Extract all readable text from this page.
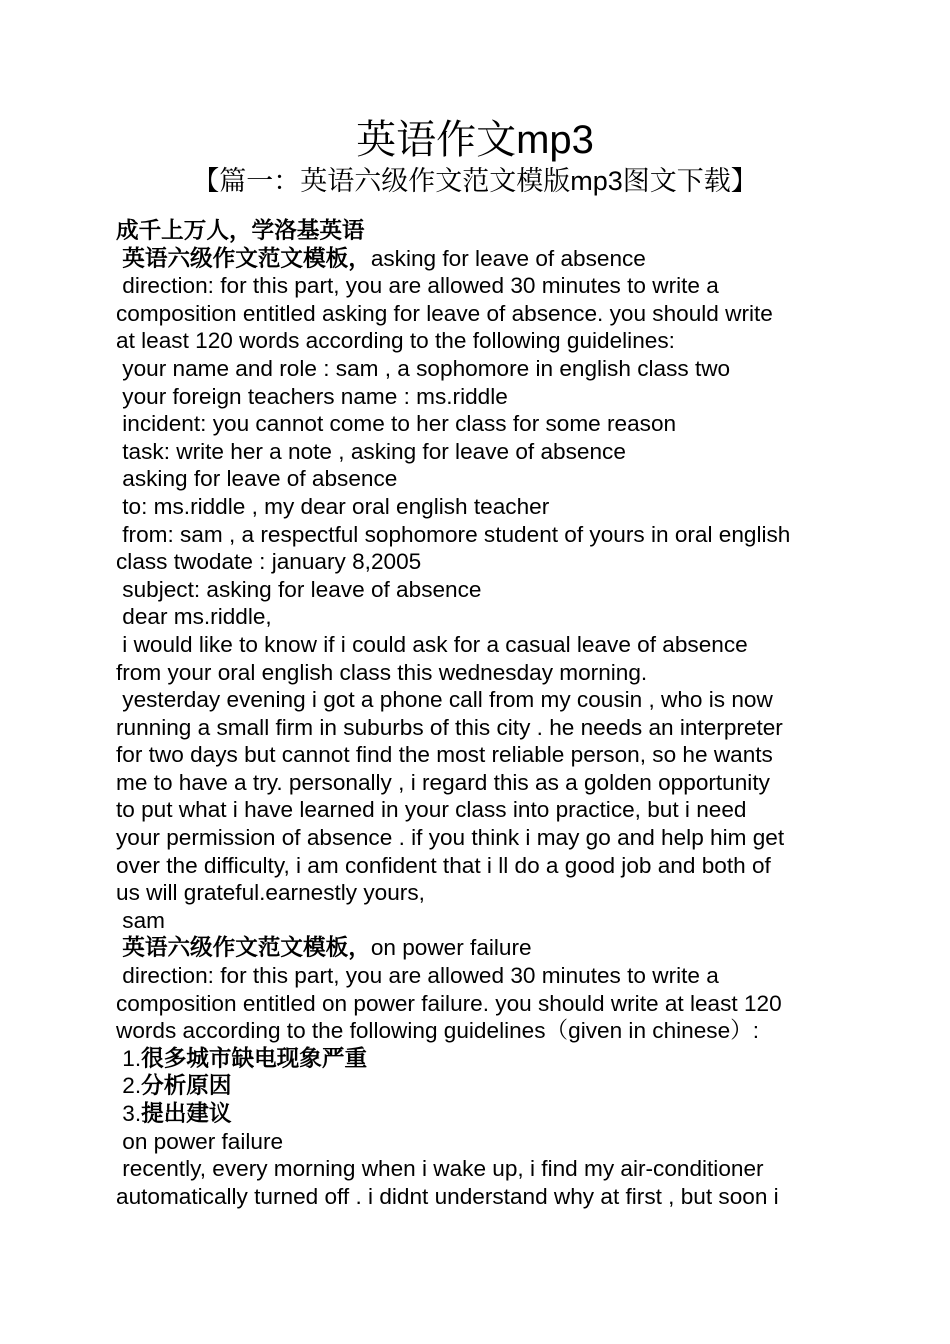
英语作文mp3
【篇一：英语六级作文范文模版mp3图文下载】
成千上万人，学洛基英语
英语六级作文范文模板，asking for leave of absence
direction: for this part, you are allowed 30 minutes to write a
composition entitled asking for leave of absence. you should write
at least 120 words according to the following guidelines:
your name and role : sam , a sophomore in english class two
your foreign teachers name : ms.riddle
incident: you cannot come to her class for some reason
task: write her a note , asking for leave of absence
asking for leave of absence
to: ms.riddle , my dear oral english teacher
from: sam , a respectful sophomore student of yours in oral english
class twodate : january 8,2005
subject: asking for leave of absence
dear ms.riddle,
i would like to know if i could ask for a casual leave of absence
from your oral english class this wednesday morning.
yesterday evening i got a phone call from my cousin , who is now
running a small firm in suburbs of this city . he needs an interpreter
for two days but cannot find the most reliable person, so he wants
me to have a try. personally , i regard this as a golden opportunity
to put what i have learned in your class into practice, but i need
your permission of absence . if you think i may go and help him get
over the difficulty, i am confident that i ll do a good job and both of
us will grateful.earnestly yours,
sam
英语六级作文范文模板，on power failure
direction: for this part, you are allowed 30 minutes to write a
composition entitled on power failure. you should write at least 120
words according to the following guidelines（given in chinese）:
1.很多城市缺电现象严重
2.分析原因
3.提出建议
on power failure
recently, every morning when i wake up, i find my air-conditioner
automatically turned off . i didnt understand why at first , but soon i
